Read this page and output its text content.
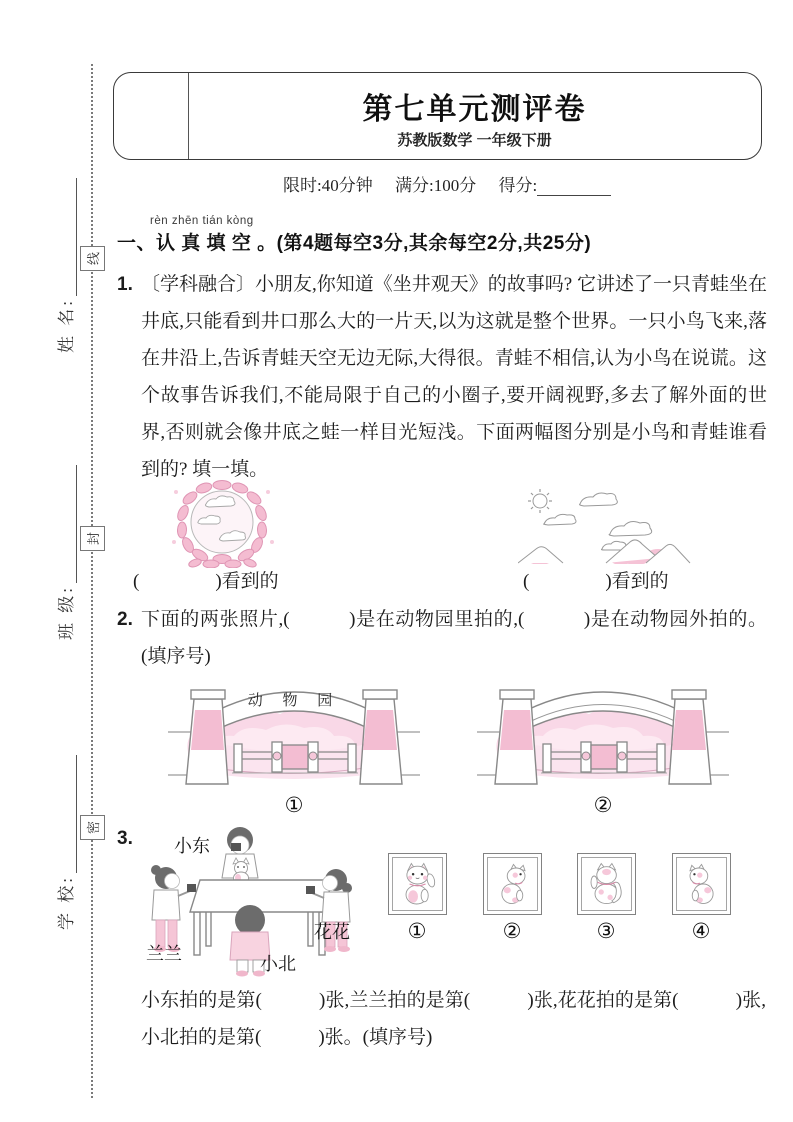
姓 名:
班 级:
学 校:
线
封
密
第七单元测评卷
苏教版数学 一年级下册
限时:40分钟 满分:100分 得分:
rèn zhēn tián kòng
一、认 真 填 空 。(第4题每空3分,其余每空2分,共25分)
1. 〔学科融合〕小朋友,你知道《坐井观天》的故事吗? 它讲述了一只青蛙坐在井底,只能看到井口那么大的一片天,以为这就是整个世界。一只小鸟飞来,落在井沿上,告诉青蛙天空无边无际,大得很。青蛙不相信,认为小鸟在说谎。这个故事告诉我们,不能局限于自己的小圈子,要开阔视野,多去了解外面的世界,否则就会像井底之蛙一样目光短浅。下面两幅图分别是小鸟和青蛙谁看到的? 填一填。
(　　　　)看到的	(　　　　)看到的
2. 下面的两张照片,(　　　)是在动物园里拍的,(　　　)是在动物园外拍的。(填序号)
动 物 园
①	②
3. 小东
兰兰
花花
小北
①	②	③	④
小东拍的是第(　　　)张,兰兰拍的是第(　　　)张,花花拍的是第(　　　)张,小北拍的是第(　　　)张。(填序号)
